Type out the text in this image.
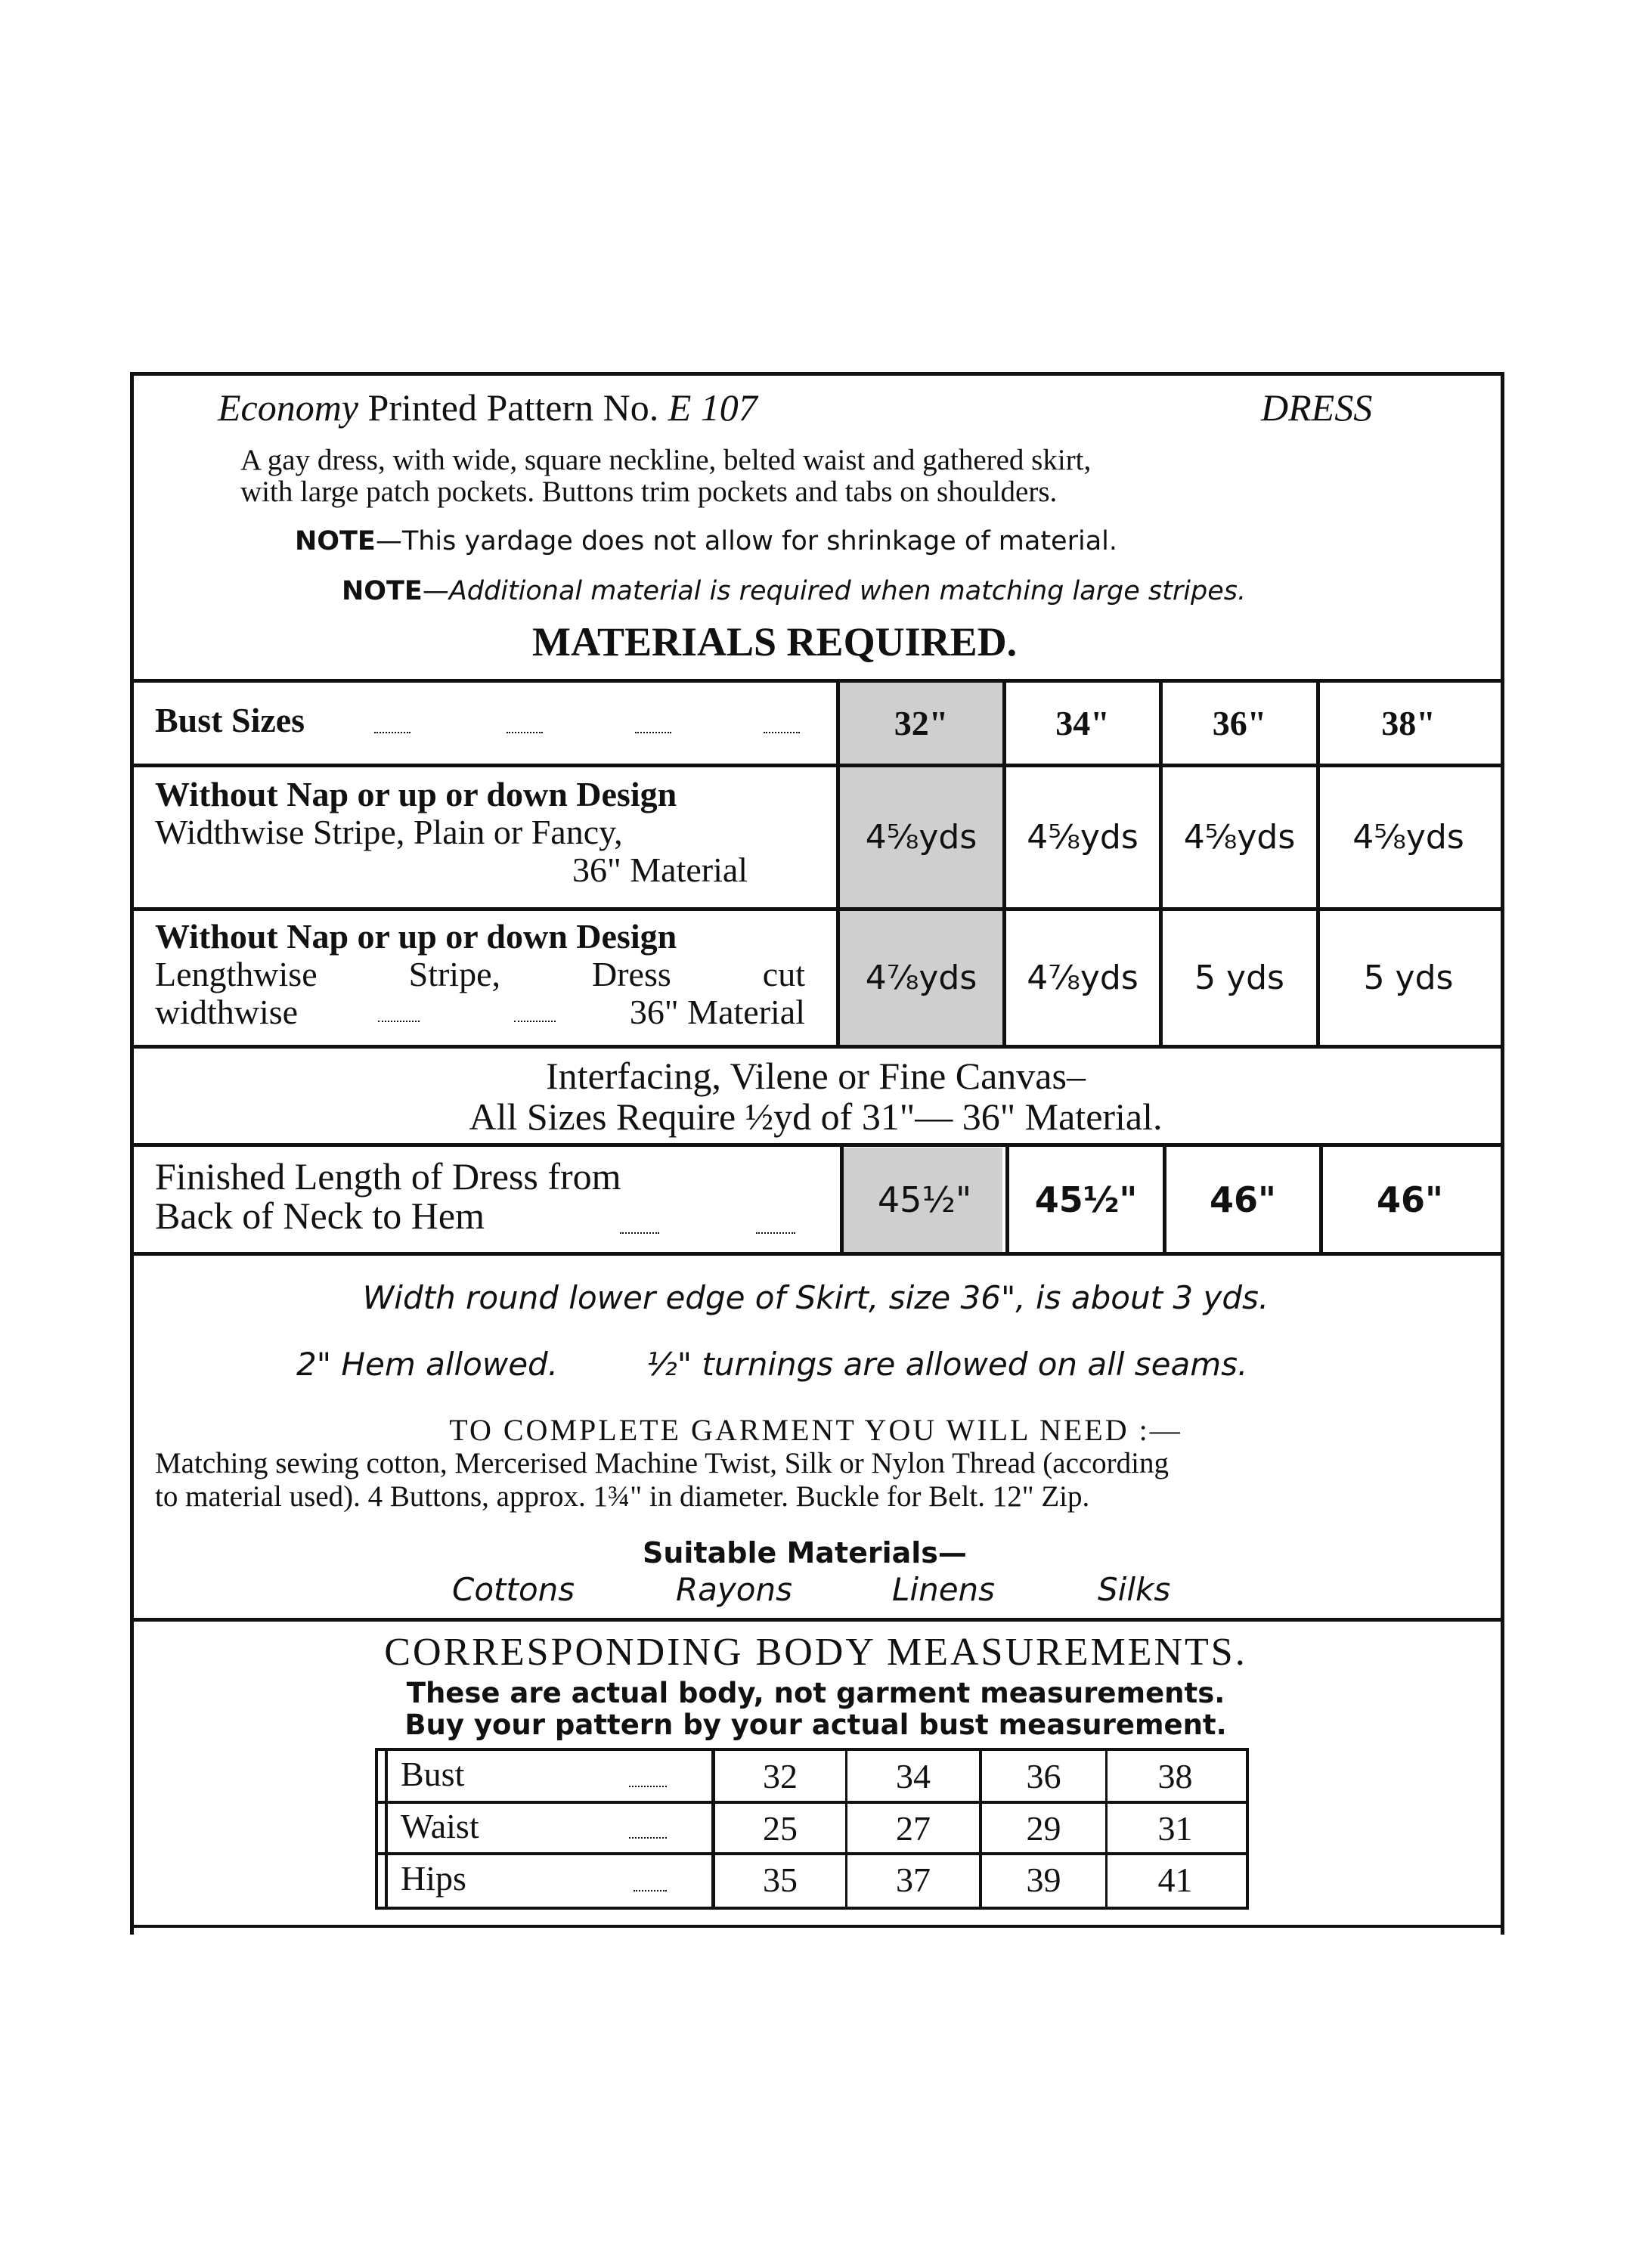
Economy Printed Pattern No. E 107	DRESS
A gay dress, with wide, square neckline, belted waist and gathered skirt,
with large patch pockets. Buttons trim pockets and tabs on shoulders.
NOTE—This yardage does not allow for shrinkage of material.
NOTE—Additional material is required when matching large stripes.
MATERIALS REQUIRED.
Bust Sizes	32"	34"	36"	38"
Without Nap or up or down Design
Widthwise Stripe, Plain or Fancy,
36" Material
4⅝yds	4⅝yds	4⅝yds	4⅝yds
Without Nap or up or down Design
Lengthwise	Stripe,	Dress	cut
widthwise	36" Material
4⅞yds	4⅞yds	5 yds	5 yds
Interfacing, Vilene or Fine Canvas–
All Sizes Require ½yd of 31"— 36" Material.
Finished Length of Dress from
Back of Neck to Hem	45½"	45½"	46"	46"
Width round lower edge of Skirt, size 36", is about 3 yds.
2" Hem allowed.	½" turnings are allowed on all seams.
TO COMPLETE GARMENT YOU WILL NEED :—
Matching sewing cotton, Mercerised Machine Twist, Silk or Nylon Thread (according
to material used). 4 Buttons, approx. 1¾" in diameter. Buckle for Belt. 12" Zip.
Suitable Materials—
Cottons	Rayons	Linens	Silks
CORRESPONDING BODY MEASUREMENTS.
These are actual body, not garment measurements.
Buy your pattern by your actual bust measurement.
Bust	32	34	36	38
Waist	25	27	29	31
Hips	35	37	39	41
